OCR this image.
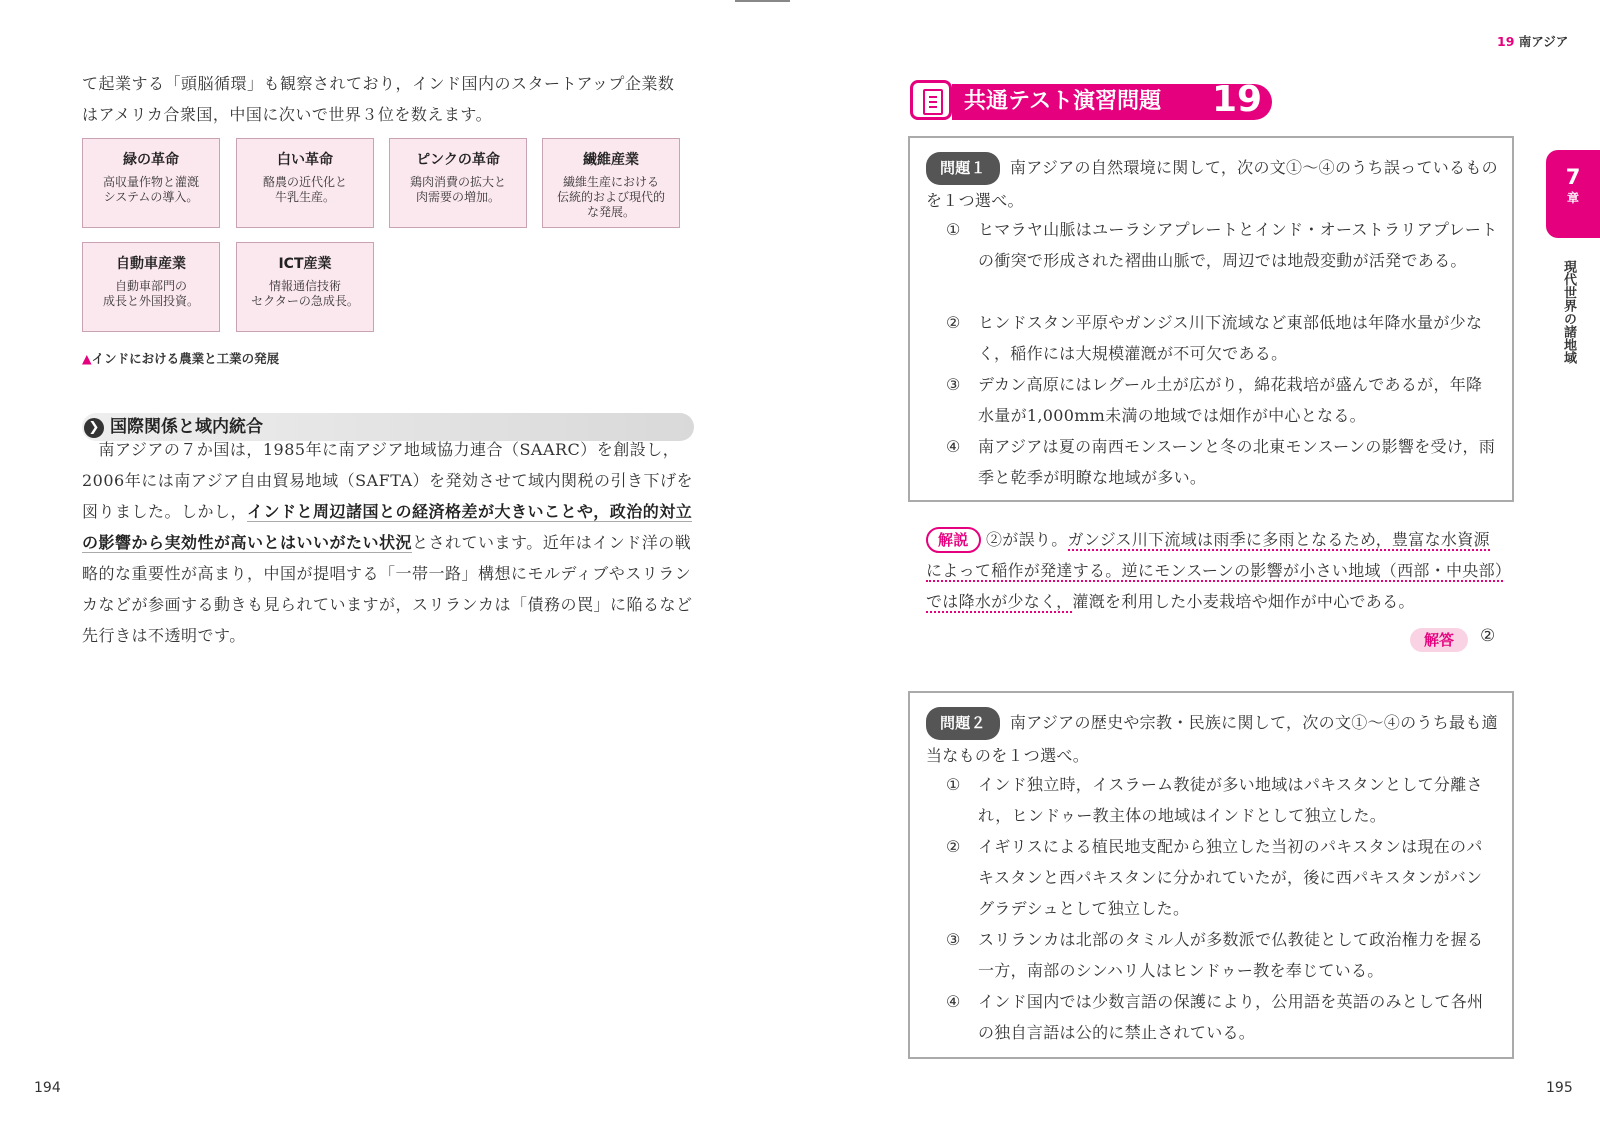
て起業する「頭脳循環」も観察されており，インド国内のスタートアップ企業数
はアメリカ合衆国，中国に次いで世界３位を数えます。

緑の革命
高収量作物と灌漑
システムの導入。
白い革命
酪農の近代化と
牛乳生産。
ピンクの革命
鶏肉消費の拡大と
肉需要の増加。
繊維産業
繊維生産における
伝統的および現代的
な発展。
自動車産業
自動車部門の
成長と外国投資。
ICT産業
情報通信技術
セクターの急成長。
▲インドにおける農業と工業の発展
❯ 国際関係と域内統合

　南アジアの７か国は，1985年に南アジア地域協力連合（SAARC）を創設し，2006年には南アジア自由貿易地域（SAFTA）を発効させて域内関税の引き下げを図りました。しかし，インドと周辺諸国との経済格差が大きいことや，政治的対立の影響から実効性が高いとはいいがたい状況とされています。近年はインド洋の戦略的な重要性が高まり，中国が提唱する「一帯一路」構想にモルディブやスリランカなどが参画する動きも見られていますが，スリランカは「債務の罠」に陥るなど先行きは不透明です。

194
19 南アジア
7
章
現代世界の諸地域
共通テスト演習問題 19

問題１ 南アジアの自然環境に関して，次の文①～④のうち誤っているものを１つ選べ。

①	ヒマラヤ山脈はユーラシアプレートとインド・オーストラリアプレートの衝突で形成された褶曲山脈で，周辺では地殻変動が活発である。
②	ヒンドスタン平原やガンジス川下流域など東部低地は年降水量が少なく，稲作には大規模灌漑が不可欠である。
③	デカン高原にはレグール土が広がり，綿花栽培が盛んであるが，年降水量が1,000mm未満の地域では畑作が中心となる。
④	南アジアは夏の南西モンスーンと冬の北東モンスーンの影響を受け，雨季と乾季が明瞭な地域が多い。
解説 ②が誤り。ガンジス川下流域は雨季に多雨となるため，豊富な水資源によって稲作が発達する。逆にモンスーンの影響が小さい地域（西部・中央部）では降水が少なく，灌漑を利用した小麦栽培や畑作が中心である。
解答	②

問題２ 南アジアの歴史や宗教・民族に関して，次の文①～④のうち最も適当なものを１つ選べ。

①	インド独立時，イスラーム教徒が多い地域はパキスタンとして分離され，ヒンドゥー教主体の地域はインドとして独立した。
②	イギリスによる植民地支配から独立した当初のパキスタンは現在のパキスタンと西パキスタンに分かれていたが，後に西パキスタンがバングラデシュとして独立した。
③	スリランカは北部のタミル人が多数派で仏教徒として政治権力を握る一方，南部のシンハリ人はヒンドゥー教を奉じている。
④	インド国内では少数言語の保護により，公用語を英語のみとして各州の独自言語は公的に禁止されている。
195
